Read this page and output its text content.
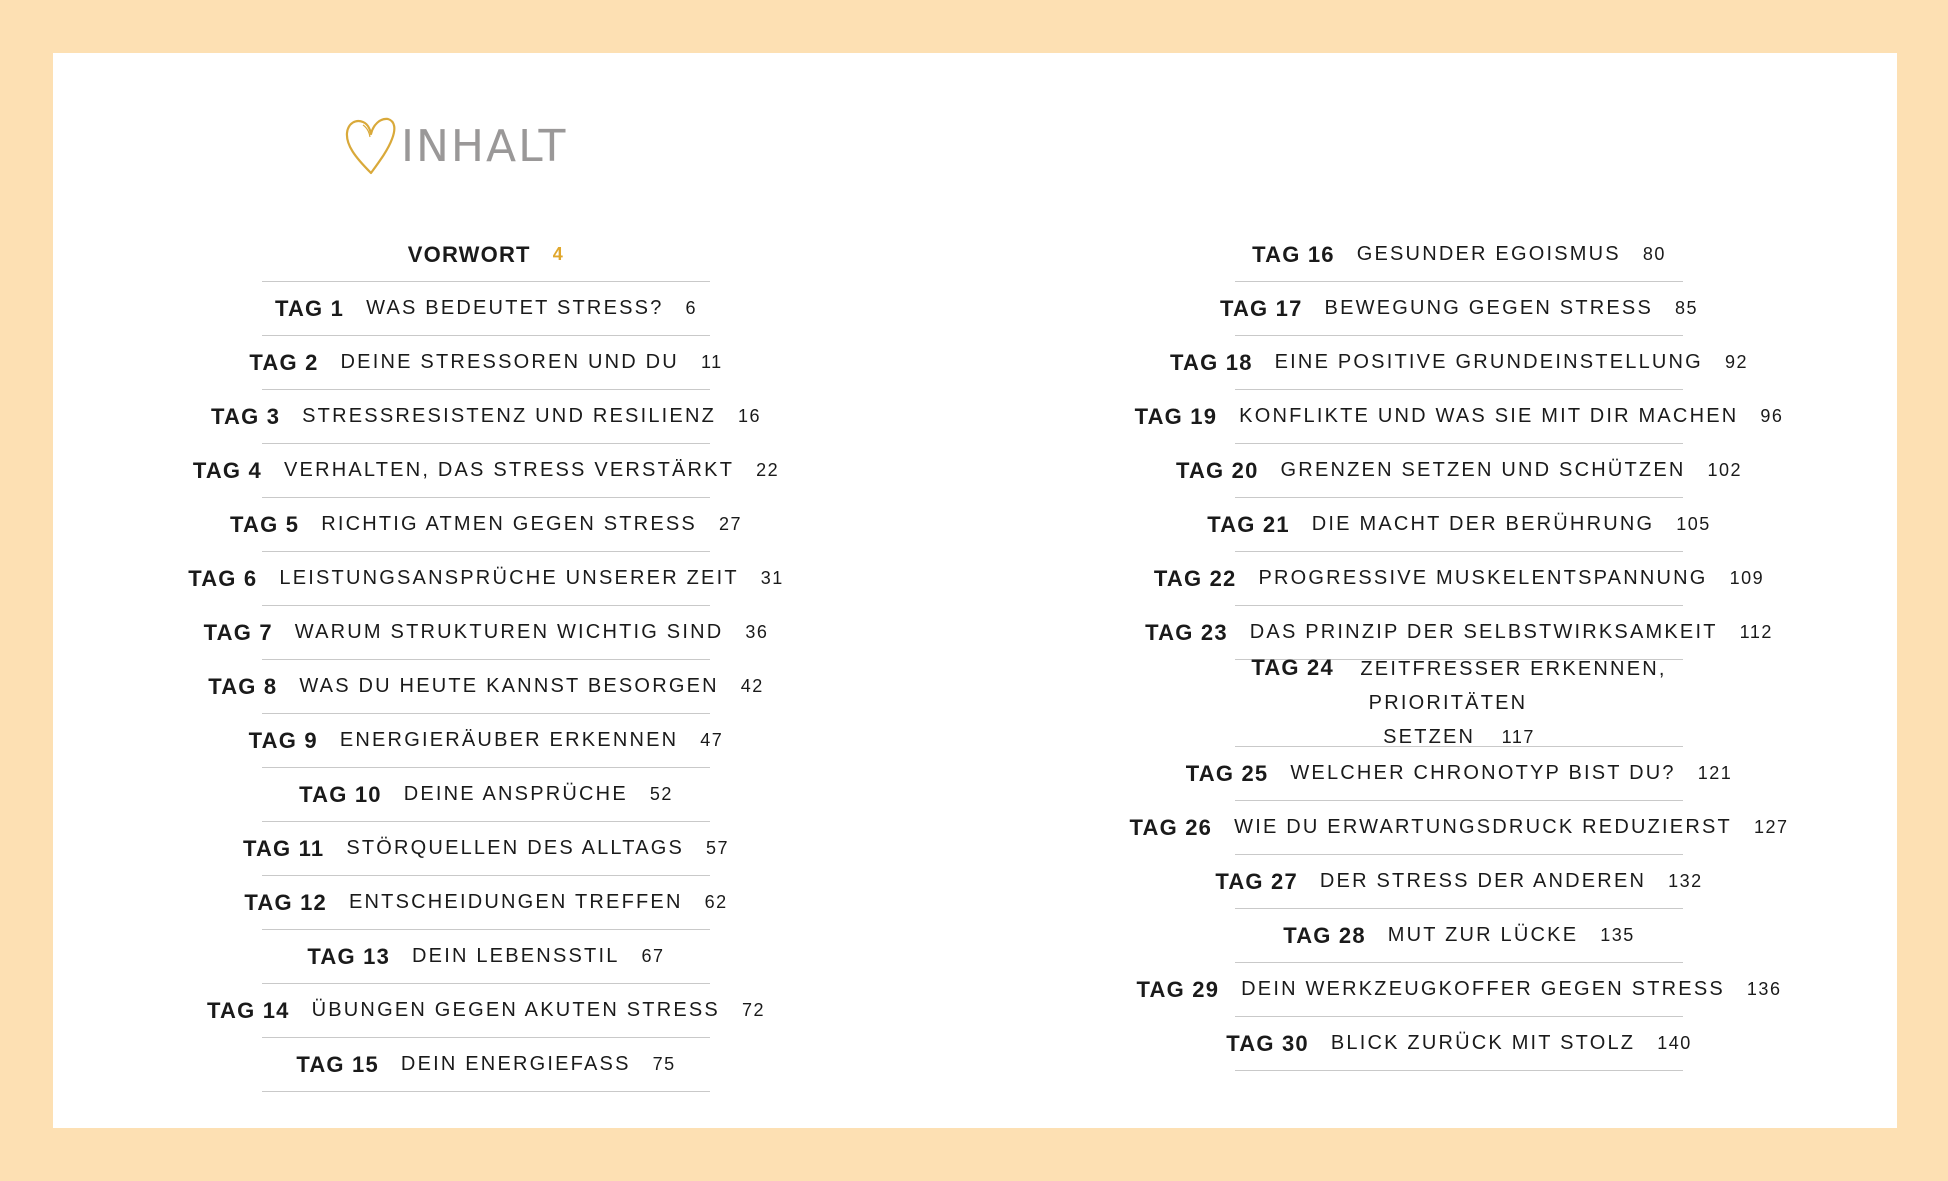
INHALT
VORWORT 4
TAG 1 WAS BEDEUTET STRESS? 6
TAG 2 DEINE STRESSOREN UND DU 11
TAG 3 STRESSRESISTENZ UND RESILIENZ 16
TAG 4 VERHALTEN, DAS STRESS VERSTÄRKT 22
TAG 5 RICHTIG ATMEN GEGEN STRESS 27
TAG 6 LEISTUNGSANSPRÜCHE UNSERER ZEIT 31
TAG 7 WARUM STRUKTUREN WICHTIG SIND 36
TAG 8 WAS DU HEUTE KANNST BESORGEN 42
TAG 9 ENERGIERÄUBER ERKENNEN 47
TAG 10 DEINE ANSPRÜCHE 52
TAG 11 STÖRQUELLEN DES ALLTAGS 57
TAG 12 ENTSCHEIDUNGEN TREFFEN 62
TAG 13 DEIN LEBENSSTIL 67
TAG 14 ÜBUNGEN GEGEN AKUTEN STRESS 72
TAG 15 DEIN ENERGIEFASS 75
TAG 16 GESUNDER EGOISMUS 80
TAG 17 BEWEGUNG GEGEN STRESS 85
TAG 18 EINE POSITIVE GRUNDEINSTELLUNG 92
TAG 19 KONFLIKTE UND WAS SIE MIT DIR MACHEN 96
TAG 20 GRENZEN SETZEN UND SCHÜTZEN 102
TAG 21 DIE MACHT DER BERÜHRUNG 105
TAG 22 PROGRESSIVE MUSKELENTSPANNUNG 109
TAG 23 DAS PRINZIP DER SELBSTWIRKSAMKEIT 112
TAG 24 ZEITFRESSER ERKENNEN, PRIORITÄTEN
SETZEN 117
TAG 25 WELCHER CHRONOTYP BIST DU? 121
TAG 26 WIE DU ERWARTUNGSDRUCK REDUZIERST 127
TAG 27 DER STRESS DER ANDEREN 132
TAG 28 MUT ZUR LÜCKE 135
TAG 29 DEIN WERKZEUGKOFFER GEGEN STRESS 136
TAG 30 BLICK ZURÜCK MIT STOLZ 140
